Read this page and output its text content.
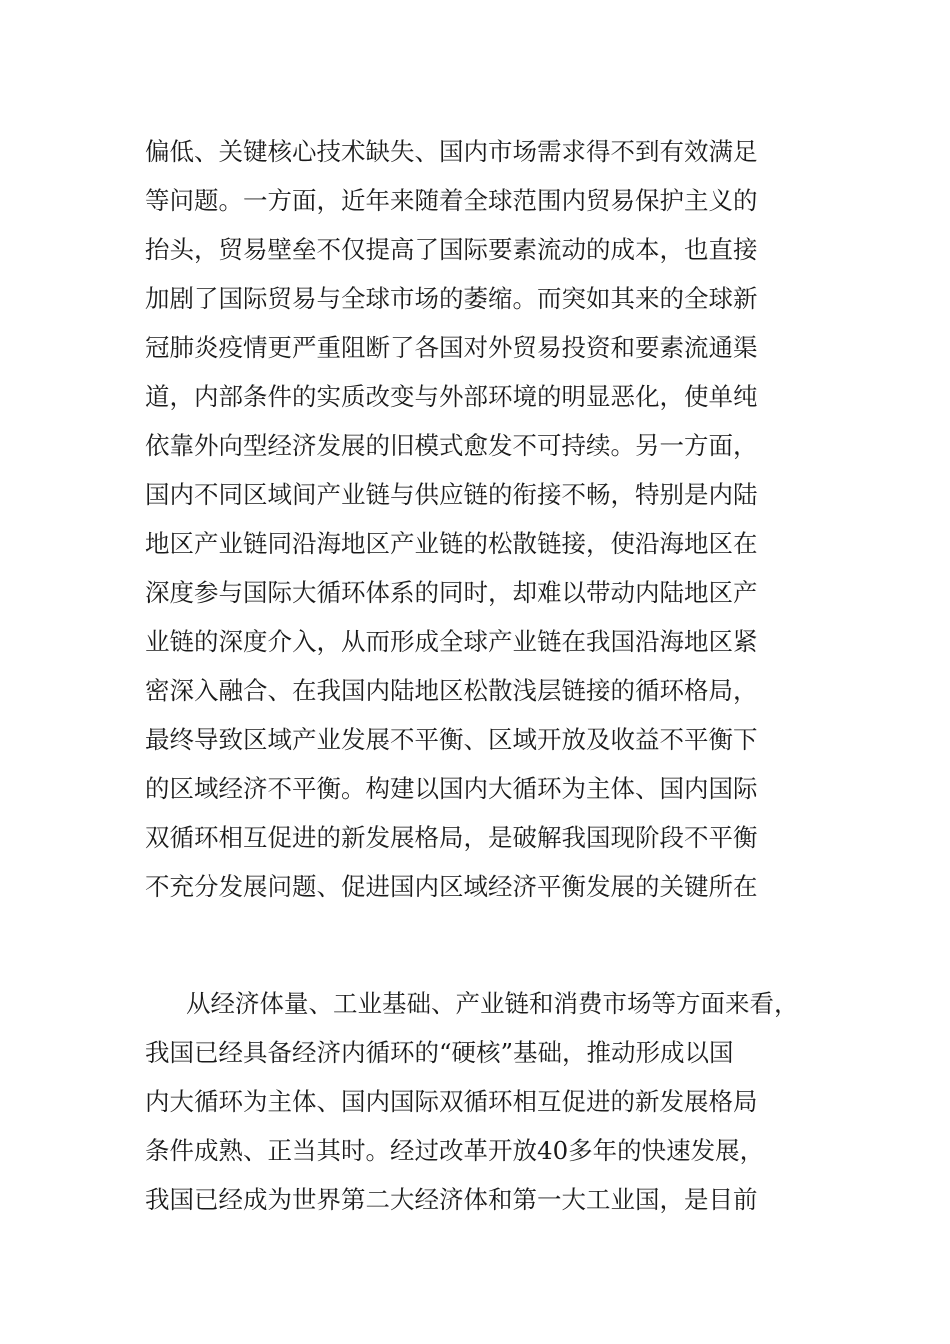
偏低、关键核心技术缺失、国内市场需求得不到有效满足
等问题。一方面，近年来随着全球范围内贸易保护主义的
抬头，贸易壁垒不仅提高了国际要素流动的成本，也直接
加剧了国际贸易与全球市场的萎缩。而突如其来的全球新
冠肺炎疫情更严重阻断了各国对外贸易投资和要素流通渠
道，内部条件的实质改变与外部环境的明显恶化，使单纯
依靠外向型经济发展的旧模式愈发不可持续。另一方面，
国内不同区域间产业链与供应链的衔接不畅，特别是内陆
地区产业链同沿海地区产业链的松散链接，使沿海地区在
深度参与国际大循环体系的同时，却难以带动内陆地区产
业链的深度介入，从而形成全球产业链在我国沿海地区紧
密深入融合、在我国内陆地区松散浅层链接的循环格局，
最终导致区域产业发展不平衡、区域开放及收益不平衡下
的区域经济不平衡。构建以国内大循环为主体、国内国际
双循环相互促进的新发展格局，是破解我国现阶段不平衡
不充分发展问题、促进国内区域经济平衡发展的关键所在
从经济体量、工业基础、产业链和消费市场等方面来看，
我国已经具备经济内循环的“硬核”基础，推动形成以国
内大循环为主体、国内国际双循环相互促进的新发展格局
条件成熟、正当其时。经过改革开放40多年的快速发展，
我国已经成为世界第二大经济体和第一大工业国，是目前
